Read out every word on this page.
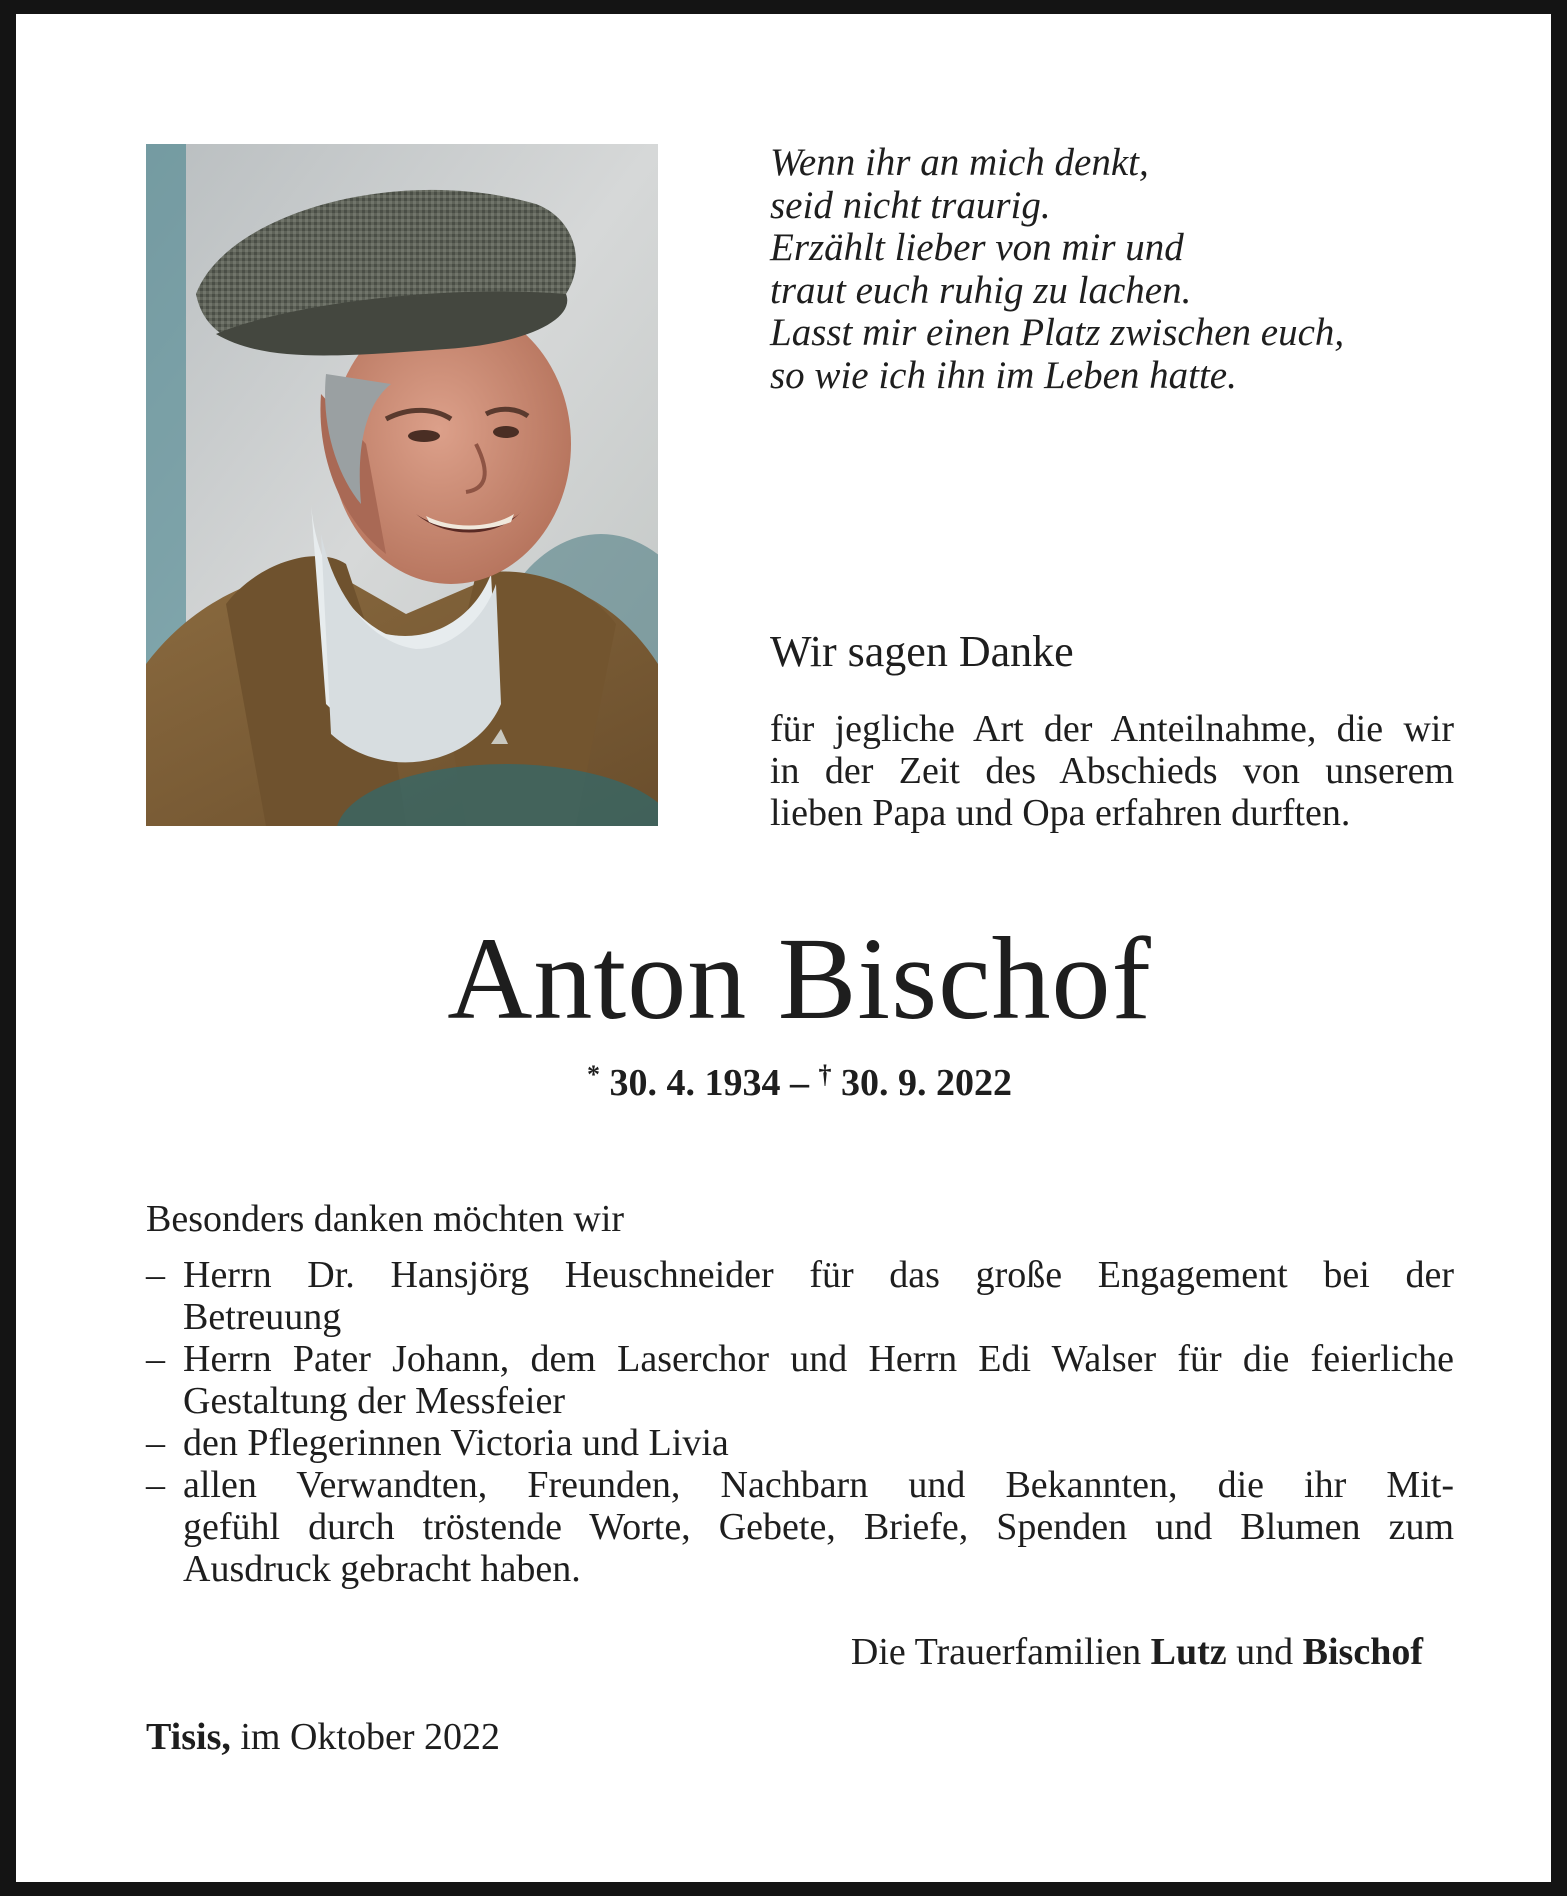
Wenn ihr an mich denkt,
seid nicht traurig.
Erzählt lieber von mir und
traut euch ruhig zu lachen.
Lasst mir einen Platz zwischen euch,
so wie ich ihn im Leben hatte.
Wir sagen Danke
für jegliche Art der Anteilnahme, die wir
in der Zeit des Abschieds von unserem
lieben Papa und Opa erfahren durften.
Anton Bischof
* 30. 4. 1934 – † 30. 9. 2022
Besonders danken möchten wir
– Herrn Dr. Hansjörg Heuschneider für das große Engagement bei der
Betreuung
– Herrn Pater Johann, dem Laserchor und Herrn Edi Walser für die feierliche
Gestaltung der Messfeier
– den Pflegerinnen Victoria und Livia
– allen Verwandten, Freunden, Nachbarn und Bekannten, die ihr Mit-
gefühl durch tröstende Worte, Gebete, Briefe, Spenden und Blumen zum
Ausdruck gebracht haben.
Die Trauerfamilien Lutz und Bischof
Tisis, im Oktober 2022
